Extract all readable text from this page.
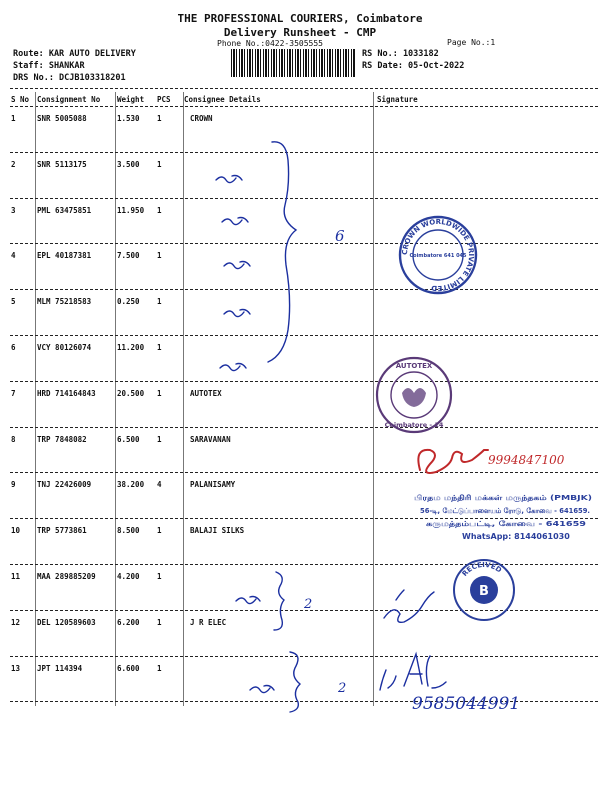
THE PROFESSIONAL COURIERS, Coimbatore
Delivery Runsheet - CMP
Phone No.:0422-3505555	Page No.:1
Route: KAR AUTO DELIVERY
Staff: SHANKAR
DRS No.: DCJB103318201
RS No.: 1033182
RS Date: 05-Oct-2022
S No Consignment No Weight PCS Consignee Details	Signature
1	SNR 5005088	1.530 1	CROWN
2	SNR 5113175	3.500 1
3	PML 63475851	11.950 1
4	EPL 40187381	7.500 1
5	MLM 75218583	0.250 1
6	VCY 80126074	11.200 1
7	HRD 714164843	20.500 1	AUTOTEX
8	TRP 7848082	6.500 1	SARAVANAN
9	TNJ 22426009	38.200 4	PALANISAMY
10 TRP 5773861	8.500 1	BALAJI SILKS
11 MAA 289885209	4.200 1
12 DEL 120589603	6.200 1	J R ELEC
13 JPT 114394	6.600 1
6
2
2
9585044991
CROWN WORLDWIDE PRIVATE LIMITED
Coimbatore 641 045
AUTOTEX
Coimbatore - 14
9994847100
பிரதம மந்திரி மக்கள் மருந்தகம் (PMBJK)
56-டி, மேட்டுப்பாளையம் ரோடு, கோவை - 641659.
கருமத்தம்பட்டி, கோவை - 641659
WhatsApp: 8144061030
B
RECEIVED
